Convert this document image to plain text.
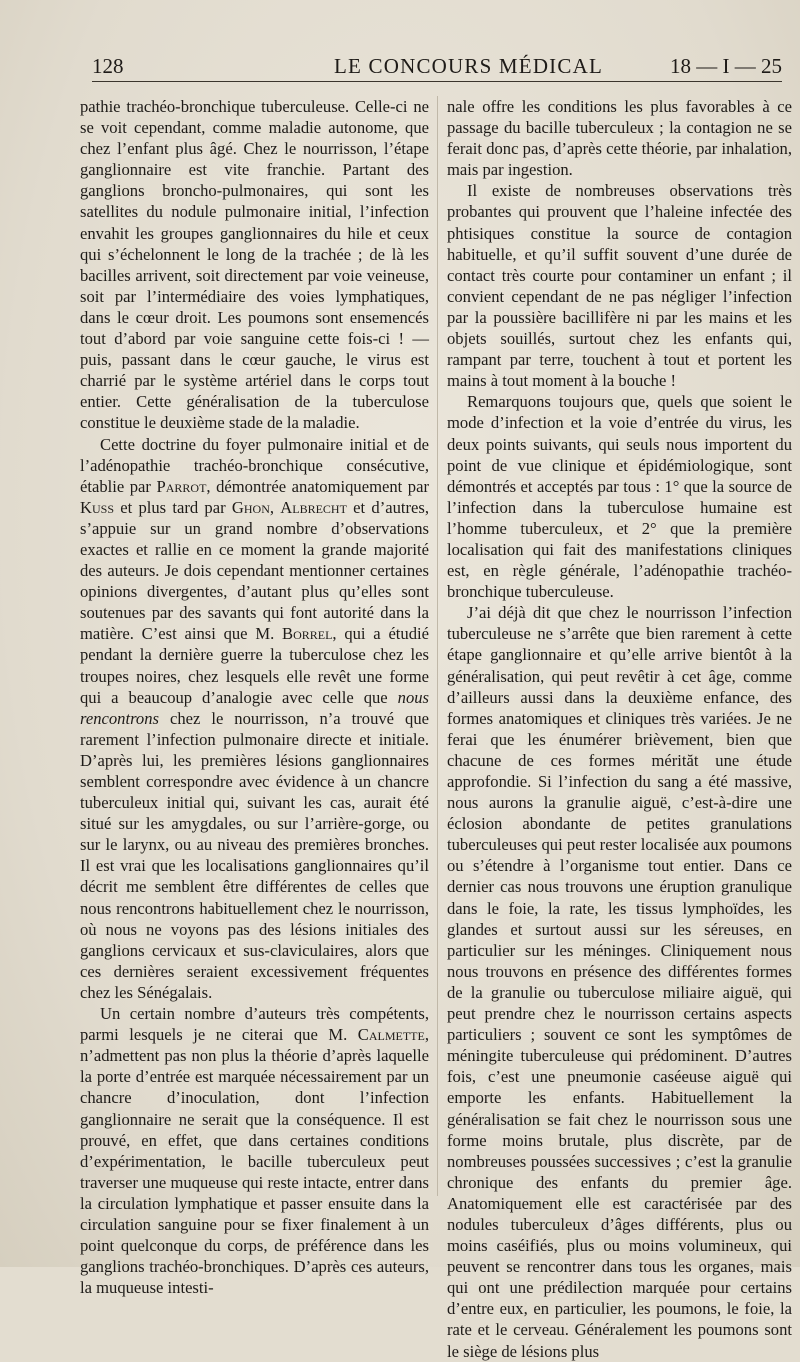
128	LE CONCOURS MÉDICAL	18 — I — 25

pathie trachéo-bronchique tuberculeuse. Celle-ci ne se voit cependant, comme maladie autonome, que chez l’enfant plus âgé. Chez le nourrisson, l’étape ganglionnaire est vite franchie. Partant des ganglions broncho-pulmonaires, qui sont les satellites du nodule pulmonaire initial, l’infection envahit les groupes ganglionnaires du hile et ceux qui s’échelonnent le long de la trachée ; de là les bacilles arrivent, soit directement par voie veineuse, soit par l’intermédiaire des voies lymphatiques, dans le cœur droit. Les poumons sont ensemencés tout d’abord par voie sanguine cette fois-ci ! — puis, passant dans le cœur gauche, le virus est charrié par le système artériel dans le corps tout entier. Cette généralisation de la tuberculose constitue le deuxième stade de la maladie.

Cette doctrine du foyer pulmonaire initial et de l’adénopathie trachéo-bronchique consécutive, établie par Parrot, démontrée anatomiquement par Kuss et plus tard par Ghon, Albrecht et d’autres, s’appuie sur un grand nombre d’observations exactes et rallie en ce moment la grande majorité des auteurs. Je dois cependant mentionner certaines opinions divergentes, d’autant plus qu’elles sont soutenues par des savants qui font autorité dans la matière. C’est ainsi que M. Borrel, qui a étudié pendant la dernière guerre la tuberculose chez les troupes noires, chez lesquels elle revêt une forme qui a beaucoup d’analogie avec celle que nous rencontrons chez le nourrisson, n’a trouvé que rarement l’infection pulmonaire directe et initiale. D’après lui, les premières lésions ganglionnaires semblent correspondre avec évidence à un chancre tuberculeux initial qui, suivant les cas, aurait été situé sur les amygdales, ou sur l’arrière-gorge, ou sur le larynx, ou au niveau des premières bronches. Il est vrai que les localisations ganglionnaires qu’il décrit me semblent être différentes de celles que nous rencontrons habituellement chez le nourrisson, où nous ne voyons pas des lésions initiales des ganglions cervicaux et sus-claviculaires, alors que ces dernières seraient excessivement fréquentes chez les Sénégalais.

Un certain nombre d’auteurs très compétents, parmi lesquels je ne citerai que M. Calmette, n’admettent pas non plus la théorie d’après laquelle la porte d’entrée est marquée nécessairement par un chancre d’inoculation, dont l’infection ganglionnaire ne serait que la conséquence. Il est prouvé, en effet, que dans certaines conditions d’expérimentation, le bacille tuberculeux peut traverser une muqueuse qui reste intacte, entrer dans la circulation lymphatique et passer ensuite dans la circulation sanguine pour se fixer finalement à un point quelconque du corps, de préférence dans les ganglions trachéo-bronchiques. D’après ces auteurs, la muqueuse intesti-

nale offre les conditions les plus favorables à ce passage du bacille tuberculeux ; la contagion ne se ferait donc pas, d’après cette théorie, par inhalation, mais par ingestion.

Il existe de nombreuses observations très probantes qui prouvent que l’haleine infectée des phtisiques constitue la source de contagion habituelle, et qu’il suffit souvent d’une durée de contact très courte pour contaminer un enfant ; il convient cependant de ne pas négliger l’infection par la poussière bacillifère ni par les mains et les objets souillés, surtout chez les enfants qui, rampant par terre, touchent à tout et portent les mains à tout moment à la bouche !

Remarquons toujours que, quels que soient le mode d’infection et la voie d’entrée du virus, les deux points suivants, qui seuls nous importent du point de vue clinique et épidémiologique, sont démontrés et acceptés par tous : 1° que la source de l’infection dans la tuberculose humaine est l’homme tuberculeux, et 2° que la première localisation qui fait des manifestations cliniques est, en règle générale, l’adénopathie trachéo-bronchique tuberculeuse.

J’ai déjà dit que chez le nourrisson l’infection tuberculeuse ne s’arrête que bien rarement à cette étape ganglionnaire et qu’elle arrive bientôt à la généralisation, qui peut revêtir à cet âge, comme d’ailleurs aussi dans la deuxième enfance, des formes anatomiques et cliniques très variées. Je ne ferai que les énumérer brièvement, bien que chacune de ces formes mérităt une étude approfondie. Si l’infection du sang a été massive, nous aurons la granulie aiguë, c’est-à-dire une éclosion abondante de petites granulations tuberculeuses qui peut rester localisée aux poumons ou s’étendre à l’organisme tout entier. Dans ce dernier cas nous trouvons une éruption granulique dans le foie, la rate, les tissus lymphoïdes, les glandes et surtout aussi sur les séreuses, en particulier sur les méninges. Cliniquement nous nous trouvons en présence des différentes formes de la granulie ou tuberculose miliaire aiguë, qui peut prendre chez le nourrisson certains aspects particuliers ; souvent ce sont les symptômes de méningite tuberculeuse qui prédominent. D’autres fois, c’est une pneumonie caséeuse aiguë qui emporte les enfants. Habituellement la généralisation se fait chez le nourrisson sous une forme moins brutale, plus discrète, par de nombreuses poussées successives ; c’est la granulie chronique des enfants du premier âge. Anatomiquement elle est caractérisée par des nodules tuberculeux d’âges différents, plus ou moins caséifiés, plus ou moins volumineux, qui peuvent se rencontrer dans tous les organes, mais qui ont une prédilection marquée pour certains d’entre eux, en particulier, les poumons, le foie, la rate et le cerveau. Généralement les poumons sont le siège de lésions plus
